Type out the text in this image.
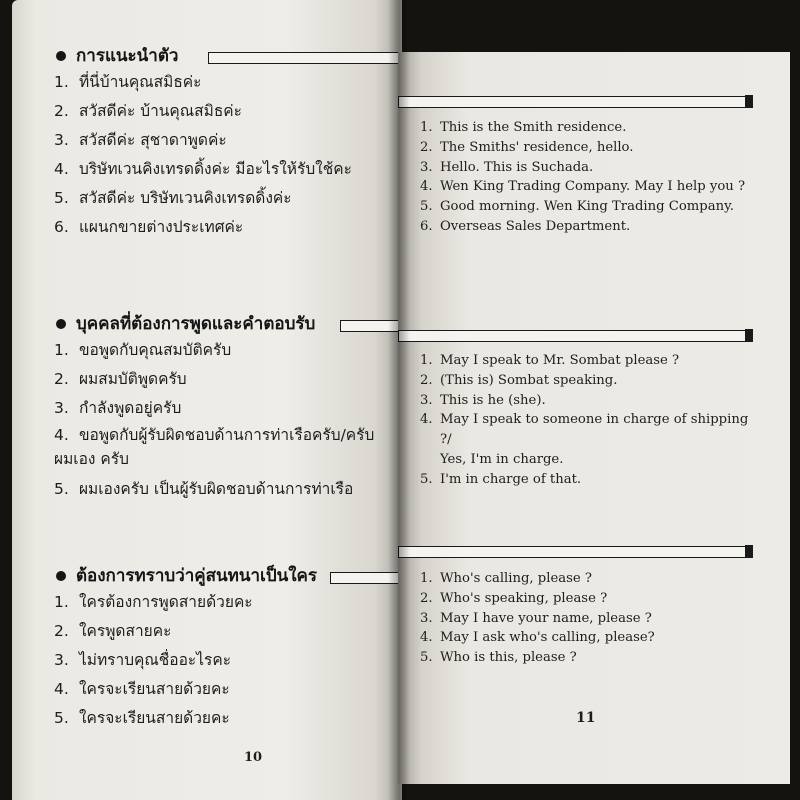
การแนะนำตัว
1. ที่นี่บ้านคุณสมิธค่ะ
2. สวัสดีค่ะ บ้านคุณสมิธค่ะ
3. สวัสดีค่ะ สุชาดาพูดค่ะ
4. บริษัทเวนคิงเทรดดิ้งค่ะ มีอะไรให้รับใช้คะ
5. สวัสดีค่ะ บริษัทเวนคิงเทรดดิ้งค่ะ
6. แผนกขายต่างประเทศค่ะ
บุคคลที่ต้องการพูดและคำตอบรับ
1. ขอพูดกับคุณสมบัติครับ
2. ผมสมบัติพูดครับ
3. กำลังพูดอยู่ครับ
4. ขอพูดกับผู้รับผิดชอบด้านการท่าเรือครับ/ครับ ผมเอง ครับ
5. ผมเองครับ เป็นผู้รับผิดชอบด้านการท่าเรือ
ต้องการทราบว่าคู่สนทนาเป็นใคร
1. ใครต้องการพูดสายด้วยคะ
2. ใครพูดสายคะ
3. ไม่ทราบคุณชื่ออะไรคะ
4. ใครจะเรียนสายด้วยคะ
5. ใครจะเรียนสายด้วยคะ
10
1. This is the Smith residence.
2. The Smiths' residence, hello.
3. Hello. This is Suchada.
4. Wen King Trading Company. May I help you ?
5. Good morning. Wen King Trading Company.
6. Overseas Sales Department.
1. May I speak to Mr. Sombat please ?
2. (This is) Sombat speaking.
3. This is he (she).
4. May I speak to someone in charge of shipping ?/
Yes, I'm in charge.
5. I'm in charge of that.
1. Who's calling, please ?
2. Who's speaking, please ?
3. May I have your name, please ?
4. May I ask who's calling, please?
5. Who is this, please ?
11
